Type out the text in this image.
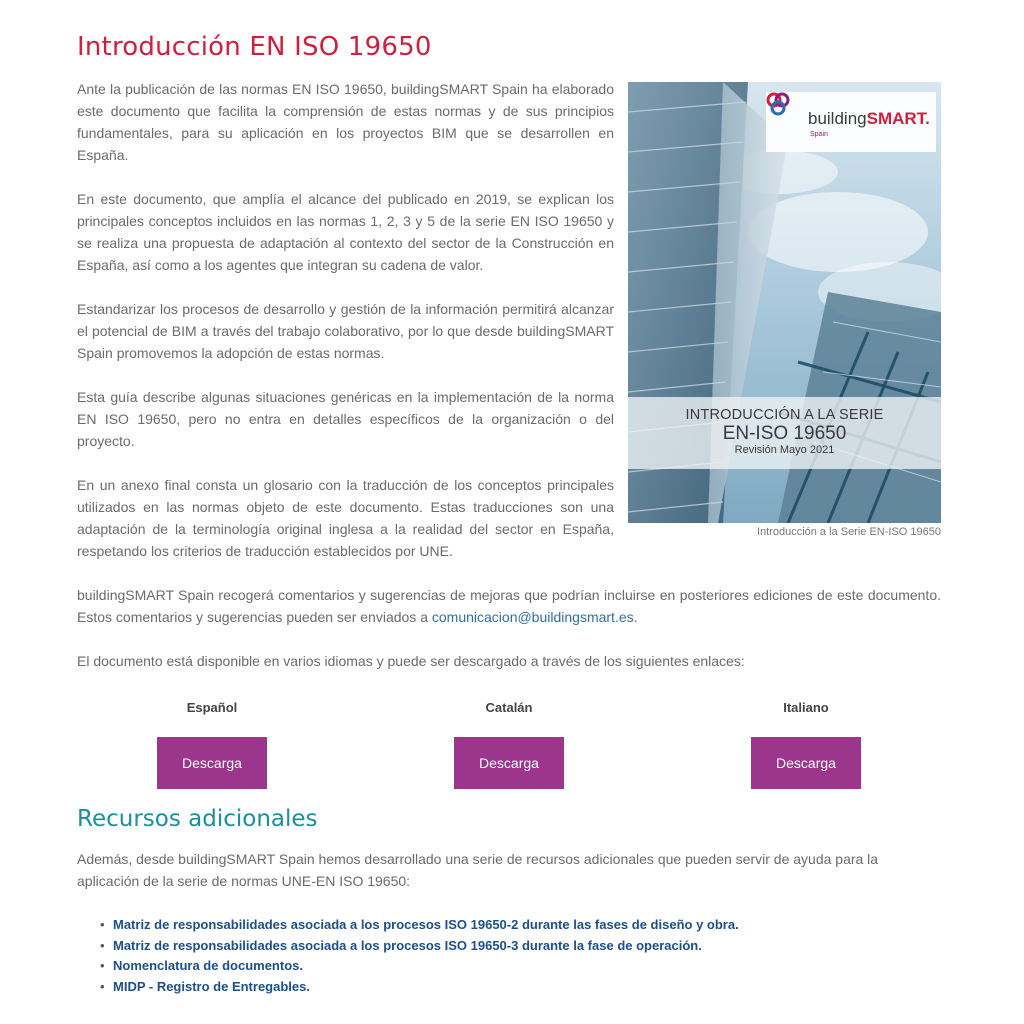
Introducción EN ISO 19650

Ante la publicación de las normas EN ISO 19650, buildingSMART Spain ha elaborado este documento que facilita la comprensión de estas normas y de sus principios fundamentales, para su aplicación en los proyectos BIM que se desarrollen en España.

En este documento, que amplía el alcance del publicado en 2019, se explican los principales conceptos incluidos en las normas 1, 2, 3 y 5 de la serie EN ISO 19650 y se realiza una propuesta de adaptación al contexto del sector de la Construcción en España, así como a los agentes que integran su cadena de valor.

Estandarizar los procesos de desarrollo y gestión de la información permitirá alcanzar el potencial de BIM a través del trabajo colaborativo, por lo que desde buildingSMART Spain promovemos la adopción de estas normas.

Esta guía describe algunas situaciones genéricas en la implementación de la norma EN ISO 19650, pero no entra en detalles específicos de la organización o del proyecto.

En un anexo final consta un glosario con la traducción de los conceptos principales utilizados en las normas objeto de este documento. Estas traducciones son una adaptación de la terminología original inglesa a la realidad del sector en España, respetando los criterios de traducción establecidos por UNE.

buildingSMART.
Spain
INTRODUCCIÓN A LA SERIE
EN-ISO 19650
Revisión Mayo 2021
Introducción a la Serie EN-ISO 19650

buildingSMART Spain recogerá comentarios y sugerencias de mejoras que podrían incluirse en posteriores ediciones de este documento. Estos comentarios y sugerencias pueden ser enviados a comunicacion@buildingsmart.es.

El documento está disponible en varios idiomas y puede ser descargado a través de los siguientes enlaces:

Español

Descarga

Catalán

Descarga

Italiano

Descarga
Recursos adicionales

Además, desde buildingSMART Spain hemos desarrollado una serie de recursos adicionales que pueden servir de ayuda para la aplicación de la serie de normas UNE-EN ISO 19650:

• Matriz de responsabilidades asociada a los procesos ISO 19650-2 durante las fases de diseño y obra.
• Matriz de responsabilidades asociada a los procesos ISO 19650-3 durante la fase de operación.
• Nomenclatura de documentos.
• MIDP - Registro de Entregables.
